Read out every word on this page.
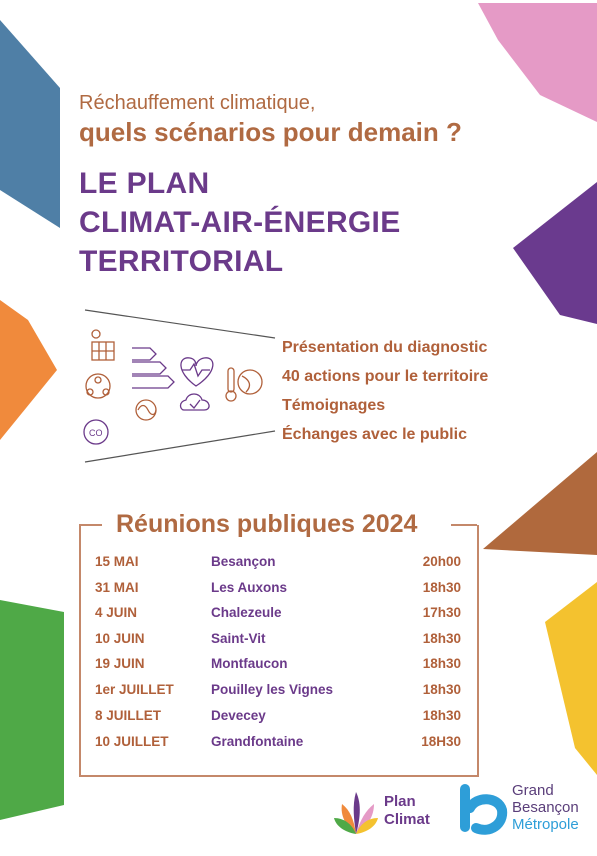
CO

Réchauffement climatique,

quels scénarios pour demain ?

LE PLAN

CLIMAT-AIR-ÉNERGIE

TERRITORIAL

Présentation du diagnostic

40 actions pour le territoire

Témoignages

Échanges avec le public

Réunions publiques 2024

15 MAI	Besançon	20h00
31 MAI	Les Auxons	18h30
4 JUIN	Chalezeule	17h30
10 JUIN	Saint-Vit	18h30
19 JUIN	Montfaucon	18h30
1er JUILLET	Pouilley les Vignes	18h30
8 JUILLET	Devecey	18h30
10 JUILLET	Grandfontaine	18H30
Plan
Climat
Grand
Besançon
Métropole
